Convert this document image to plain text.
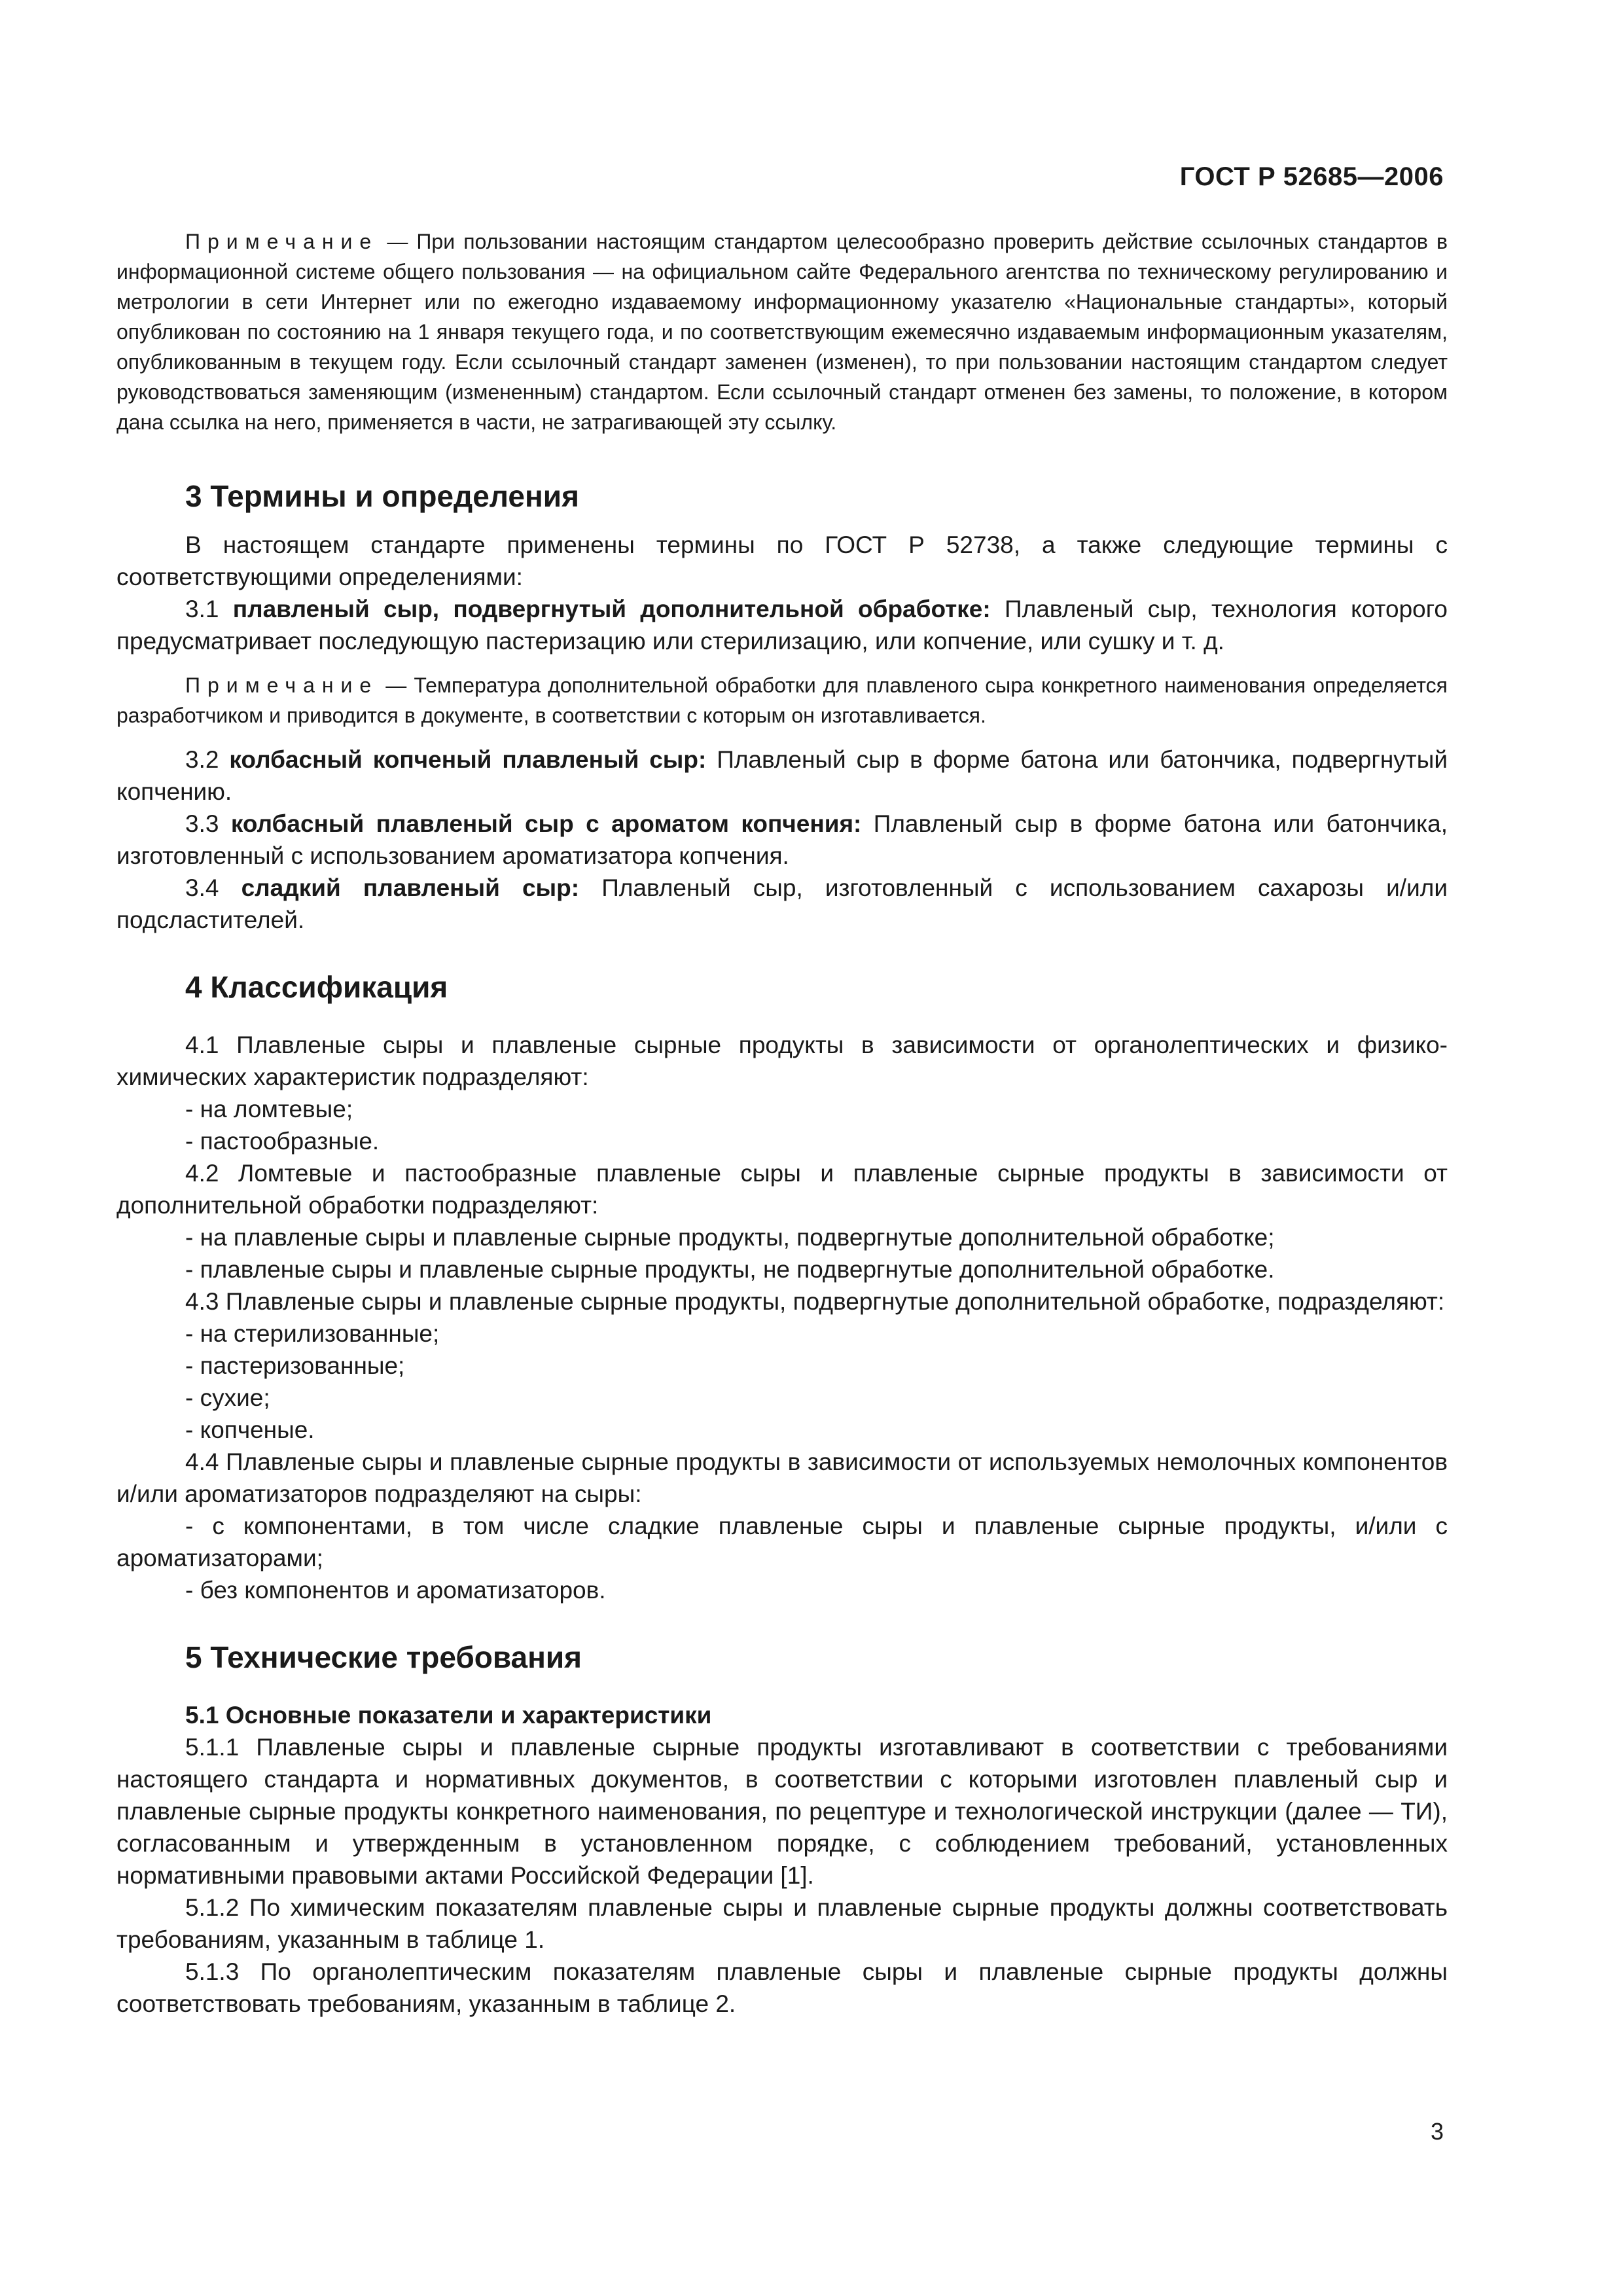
ГОСТ Р 52685—2006

Примечание — При пользовании настоящим стандартом целесообразно проверить действие ссылочных стандартов в информационной системе общего пользования — на официальном сайте Федерального агентства по техническому регулированию и метрологии в сети Интернет или по ежегодно издаваемому информационному указателю «Национальные стандарты», который опубликован по состоянию на 1 января текущего года, и по соответствующим ежемесячно издаваемым информационным указателям, опубликованным в текущем году. Если ссылочный стандарт заменен (изменен), то при пользовании настоящим стандартом следует руководствоваться заменяющим (измененным) стандартом. Если ссылочный стандарт отменен без замены, то положение, в котором дана ссылка на него, применяется в части, не затрагивающей эту ссылку.

3 Термины и определения

В настоящем стандарте применены термины по ГОСТ Р 52738, а также следующие термины с соответствующими определениями:

3.1 плавленый сыр, подвергнутый дополнительной обработке: Плавленый сыр, технология которого предусматривает последующую пастеризацию или стерилизацию, или копчение, или сушку и т. д.

Примечание — Температура дополнительной обработки для плавленого сыра конкретного наименования определяется разработчиком и приводится в документе, в соответствии с которым он изготавливается.

3.2 колбасный копченый плавленый сыр: Плавленый сыр в форме батона или батончика, подвергнутый копчению.

3.3 колбасный плавленый сыр с ароматом копчения: Плавленый сыр в форме батона или батончика, изготовленный с использованием ароматизатора копчения.

3.4 сладкий плавленый сыр: Плавленый сыр, изготовленный с использованием сахарозы и/или подсластителей.

4 Классификация

4.1 Плавленые сыры и плавленые сырные продукты в зависимости от органолептических и физико-химических характеристик подразделяют:

- на ломтевые;

- пастообразные.

4.2 Ломтевые и пастообразные плавленые сыры и плавленые сырные продукты в зависимости от дополнительной обработки подразделяют:

- на плавленые сыры и плавленые сырные продукты, подвергнутые дополнительной обработке;

- плавленые сыры и плавленые сырные продукты, не подвергнутые дополнительной обработке.

4.3 Плавленые сыры и плавленые сырные продукты, подвергнутые дополнительной обработке, подразделяют:

- на стерилизованные;

- пастеризованные;

- сухие;

- копченые.

4.4 Плавленые сыры и плавленые сырные продукты в зависимости от используемых немолочных компонентов и/или ароматизаторов подразделяют на сыры:

- с компонентами, в том числе сладкие плавленые сыры и плавленые сырные продукты, и/или с ароматизаторами;

- без компонентов и ароматизаторов.

5 Технические требования
5.1 Основные показатели и характеристики

5.1.1 Плавленые сыры и плавленые сырные продукты изготавливают в соответствии с требованиями настоящего стандарта и нормативных документов, в соответствии с которыми изготовлен плавленый сыр и плавленые сырные продукты конкретного наименования, по рецептуре и технологической инструкции (далее — ТИ), согласованным и утвержденным в установленном порядке, с соблюдением требований, установленных нормативными правовыми актами Российской Федерации [1].

5.1.2 По химическим показателям плавленые сыры и плавленые сырные продукты должны соответствовать требованиям, указанным в таблице 1.

5.1.3 По органолептическим показателям плавленые сыры и плавленые сырные продукты должны соответствовать требованиям, указанным в таблице 2.

3
